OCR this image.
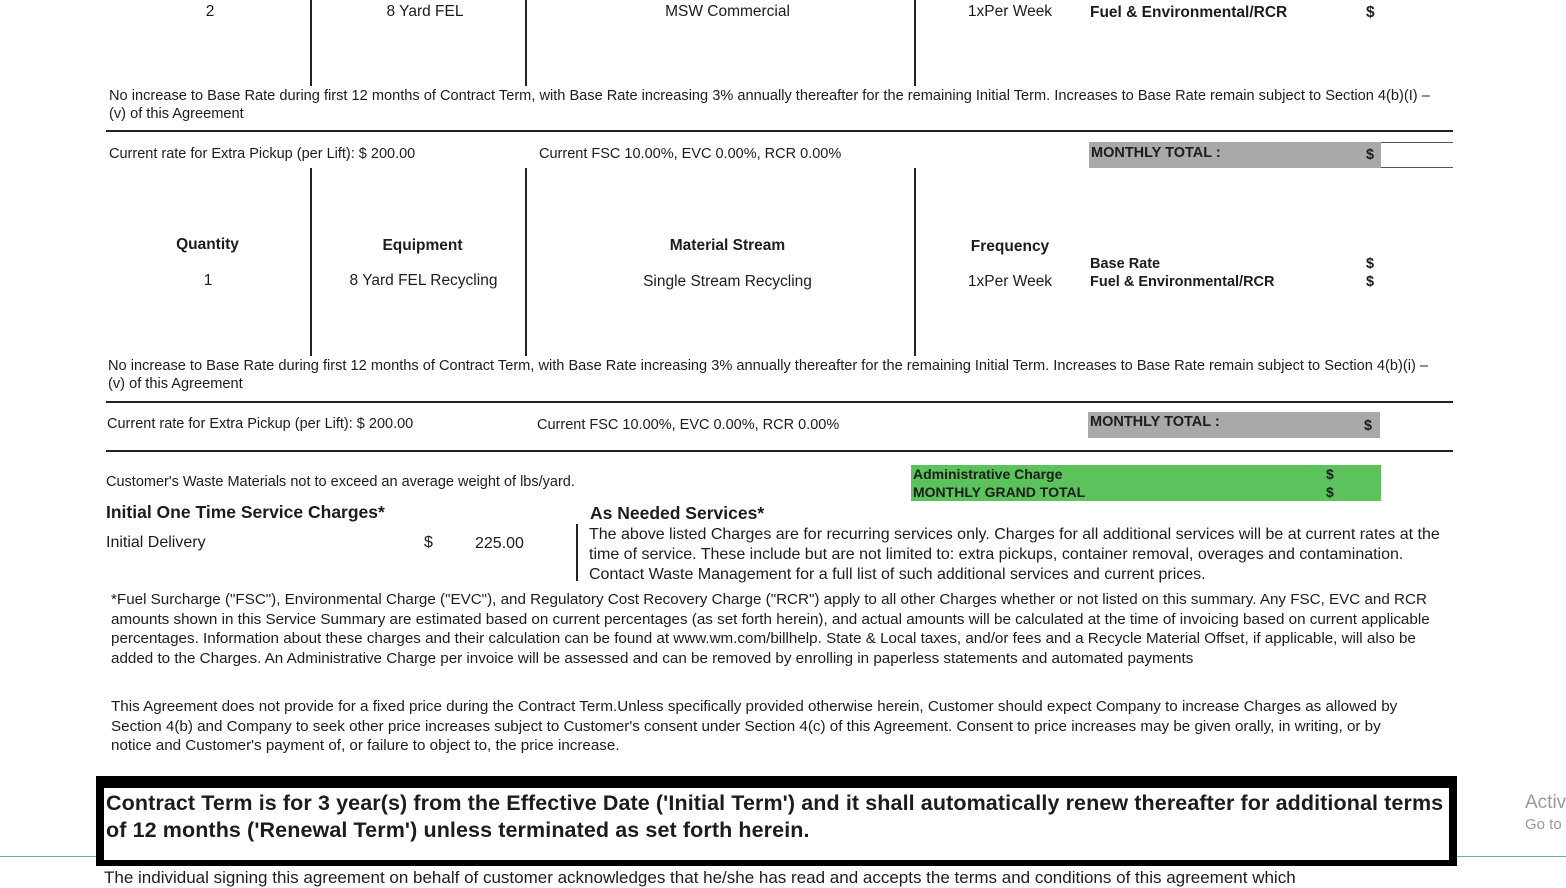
2	8 Yard FEL	MSW Commercial	1xPer Week	Fuel & Environmental/RCR	$
No increase to Base Rate during first 12 months of Contract Term, with Base Rate increasing 3% annually thereafter for the remaining Initial Term. Increases to Base Rate remain subject to Section 4(b)(I) – (v) of this Agreement
Current rate for Extra Pickup (per Lift): $ 200.00	Current FSC 10.00%, EVC 0.00%, RCR 0.00%	MONTHLY TOTAL :	$
Quantity	Equipment	Material Stream	Frequency
1	8 Yard FEL Recycling	Single Stream Recycling	1xPer Week
Base Rate	$
Fuel & Environmental/RCR	$
No increase to Base Rate during first 12 months of Contract Term, with Base Rate increasing 3% annually thereafter for the remaining Initial Term. Increases to Base Rate remain subject to Section 4(b)(i) – (v) of this Agreement
Current rate for Extra Pickup (per Lift): $ 200.00	Current FSC 10.00%, EVC 0.00%, RCR 0.00%	MONTHLY TOTAL :	$
Customer's Waste Materials not to exceed an average weight of lbs/yard.	Administrative Charge	$
MONTHLY GRAND TOTAL	$
Initial One Time Service Charges*
Initial Delivery	$	225.00
As Needed Services*
The above listed Charges are for recurring services only. Charges for all additional services will be at current rates at the time of service. These include but are not limited to: extra pickups, container removal, overages and contamination. Contact Waste Management for a full list of such additional services and current prices.
*Fuel Surcharge ("FSC"), Environmental Charge ("EVC"), and Regulatory Cost Recovery Charge ("RCR") apply to all other Charges whether or not listed on this summary. Any FSC, EVC and RCR amounts shown in this Service Summary are estimated based on current percentages (as set forth herein), and actual amounts will be calculated at the time of invoicing based on current applicable percentages. Information about these charges and their calculation can be found at www.wm.com/billhelp. State & Local taxes, and/or fees and a Recycle Material Offset, if applicable, will also be added to the Charges. An Administrative Charge per invoice will be assessed and can be removed by enrolling in paperless statements and automated payments
This Agreement does not provide for a fixed price during the Contract Term.Unless specifically provided otherwise herein, Customer should expect Company to increase Charges as allowed by Section 4(b) and Company to seek other price increases subject to Customer's consent under Section 4(c) of this Agreement. Consent to price increases may be given orally, in writing, or by notice and Customer's payment of, or failure to object to, the price increase.
Contract Term is for 3 year(s) from the Effective Date ('Initial Term') and it shall automatically renew thereafter for additional terms of 12 months ('Renewal Term') unless terminated as set forth herein.
The individual signing this agreement on behalf of customer acknowledges that he/she has read and accepts the terms and conditions of this agreement which
Activ
Go to
